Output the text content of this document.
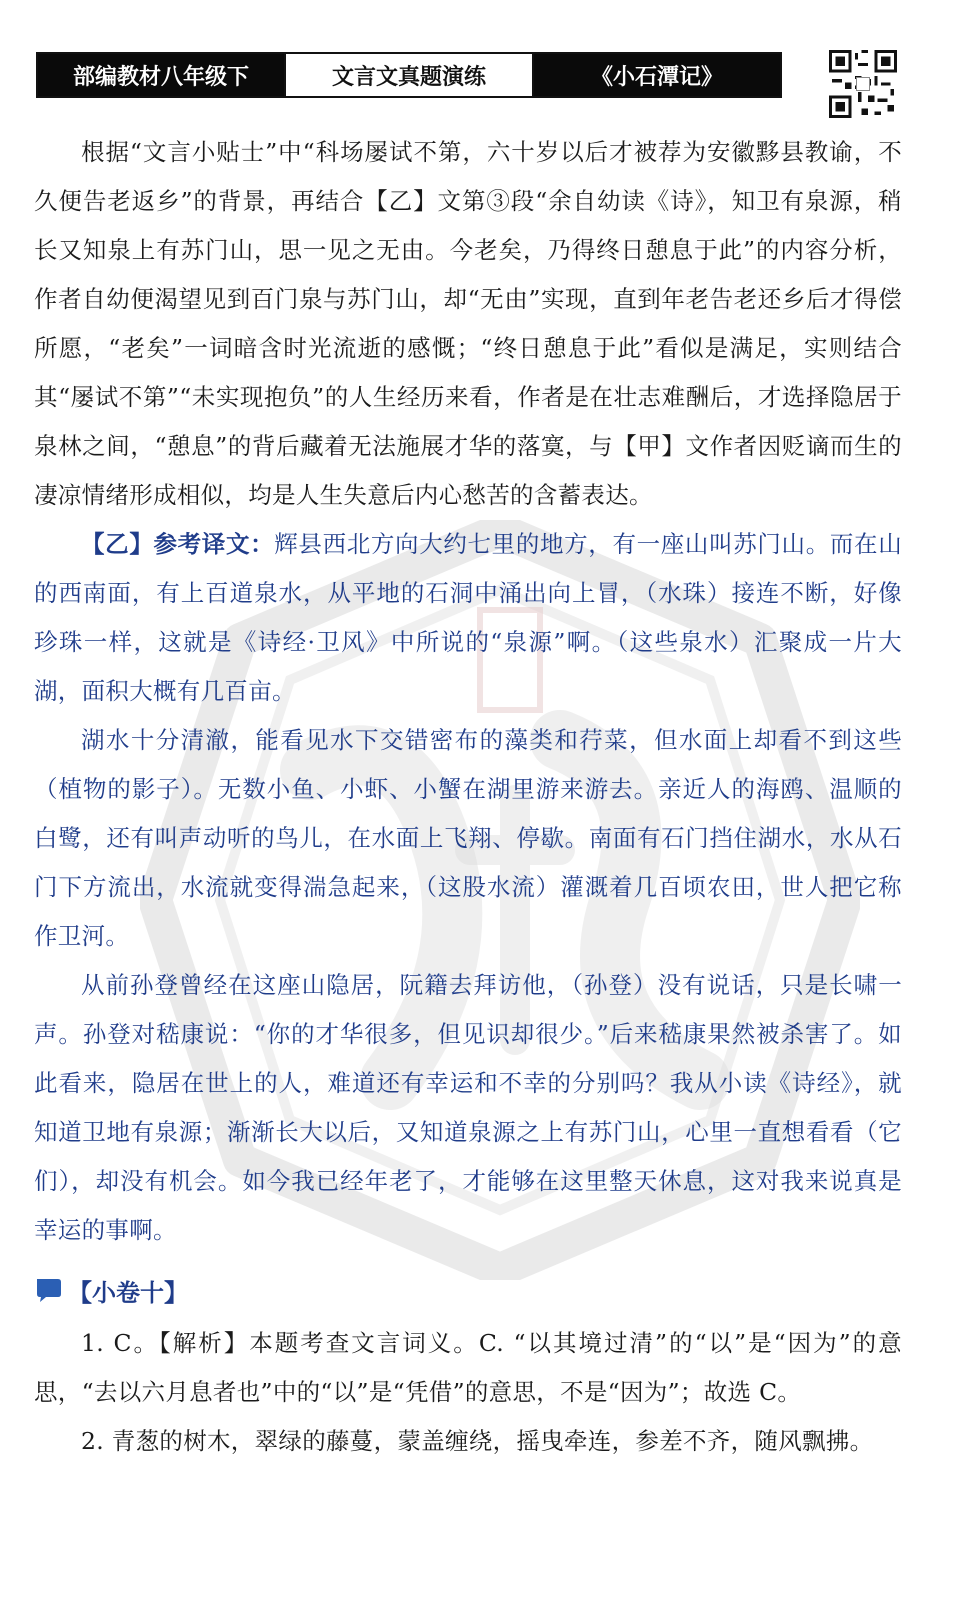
部编教材八年级下	文言文真题演练	《小石潭记》

根据“文言小贴士”中“科场屡试不第，六十岁以后才被荐为安徽黟县教谕，不久便告老返乡”的背景，再结合【乙】文第③段“余自幼读《诗》，知卫有泉源，稍长又知泉上有苏门山，思一见之无由。今老矣，乃得终日憩息于此”的内容分析，作者自幼便渴望见到百门泉与苏门山，却“无由”实现，直到年老告老还乡后才得偿所愿，“老矣”一词暗含时光流逝的感慨；“终日憩息于此”看似是满足，实则结合其“屡试不第”“未实现抱负”的人生经历来看，作者是在壮志难酬后，才选择隐居于泉林之间，“憩息”的背后藏着无法施展才华的落寞，与【甲】文作者因贬谪而生的凄凉情绪形成相似，均是人生失意后内心愁苦的含蓄表达。

【乙】参考译文：辉县西北方向大约七里的地方，有一座山叫苏门山。而在山的西南面，有上百道泉水，从平地的石洞中涌出向上冒，（水珠）接连不断，好像珍珠一样，这就是《诗经·卫风》中所说的“泉源”啊。（这些泉水）汇聚成一片大湖，面积大概有几百亩。

湖水十分清澈，能看见水下交错密布的藻类和荇菜，但水面上却看不到这些（植物的影子）。无数小鱼、小虾、小蟹在湖里游来游去。亲近人的海鸥、温顺的白鹭，还有叫声动听的鸟儿，在水面上飞翔、停歇。南面有石门挡住湖水，水从石门下方流出，水流就变得湍急起来，（这股水流）灌溉着几百顷农田，世人把它称作卫河。

从前孙登曾经在这座山隐居，阮籍去拜访他，（孙登）没有说话，只是长啸一声。孙登对嵇康说：“你的才华很多，但见识却很少。”后来嵇康果然被杀害了。如此看来，隐居在世上的人，难道还有幸运和不幸的分别吗？我从小读《诗经》，就知道卫地有泉源；渐渐长大以后，又知道泉源之上有苏门山，心里一直想看看（它们），却没有机会。如今我已经年老了，才能够在这里整天休息，这对我来说真是幸运的事啊。

【小卷十】

1. C。【解析】本题考查文言词义。C. “以其境过清”的“以”是“因为”的意思，“去以六月息者也”中的“以”是“凭借”的意思，不是“因为”；故选 C。

2. 青葱的树木，翠绿的藤蔓，蒙盖缠绕，摇曳牵连，参差不齐，随风飘拂。
